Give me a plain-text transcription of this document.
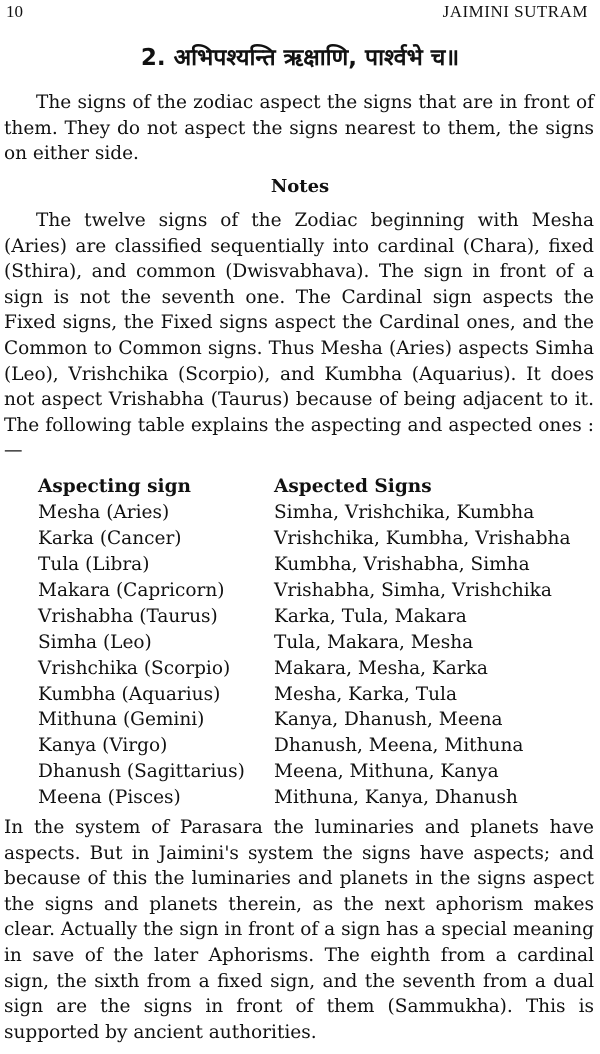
10	JAIMINI SUTRAM
2. अभिपश्यन्ति ऋक्षाणि, पार्श्वभे च॥

The signs of the zodiac aspect the signs that are in front of them. They do not aspect the signs nearest to them, the signs on either side.

Notes

The twelve signs of the Zodiac beginning with Mesha (Aries) are classified sequentially into cardinal (Chara), fixed (Sthira), and common (Dwisvabhava). The sign in front of a sign is not the seventh one. The Cardinal sign aspects the Fixed signs, the Fixed signs aspect the Cardinal ones, and the Common to Common signs. Thus Mesha (Aries) aspects Simha (Leo), Vrishchika (Scorpio), and Kumbha (Aquarius). It does not aspect Vrishabha (Taurus) because of being adjacent to it. The following table explains the aspecting and aspected ones :—

Aspecting sign	Aspected Signs
Mesha (Aries)	Simha, Vrishchika, Kumbha
Karka (Cancer)	Vrishchika, Kumbha, Vrishabha
Tula (Libra)	Kumbha, Vrishabha, Simha
Makara (Capricorn)	Vrishabha, Simha, Vrishchika
Vrishabha (Taurus)	Karka, Tula, Makara
Simha (Leo)	Tula, Makara, Mesha
Vrishchika (Scorpio)	Makara, Mesha, Karka
Kumbha (Aquarius)	Mesha, Karka, Tula
Mithuna (Gemini)	Kanya, Dhanush, Meena
Kanya (Virgo)	Dhanush, Meena, Mithuna
Dhanush (Sagittarius)	Meena, Mithuna, Kanya
Meena (Pisces)	Mithuna, Kanya, Dhanush

In the system of Parasara the luminaries and planets have aspects. But in Jaimini's system the signs have aspects; and because of this the luminaries and planets in the signs aspect the signs and planets therein, as the next aphorism makes clear. Actually the sign in front of a sign has a special meaning in save of the later Aphorisms. The eighth from a cardinal sign, the sixth from a fixed sign, and the seventh from a dual sign are the signs in front of them (Sammukha). This is supported by ancient authorities.
